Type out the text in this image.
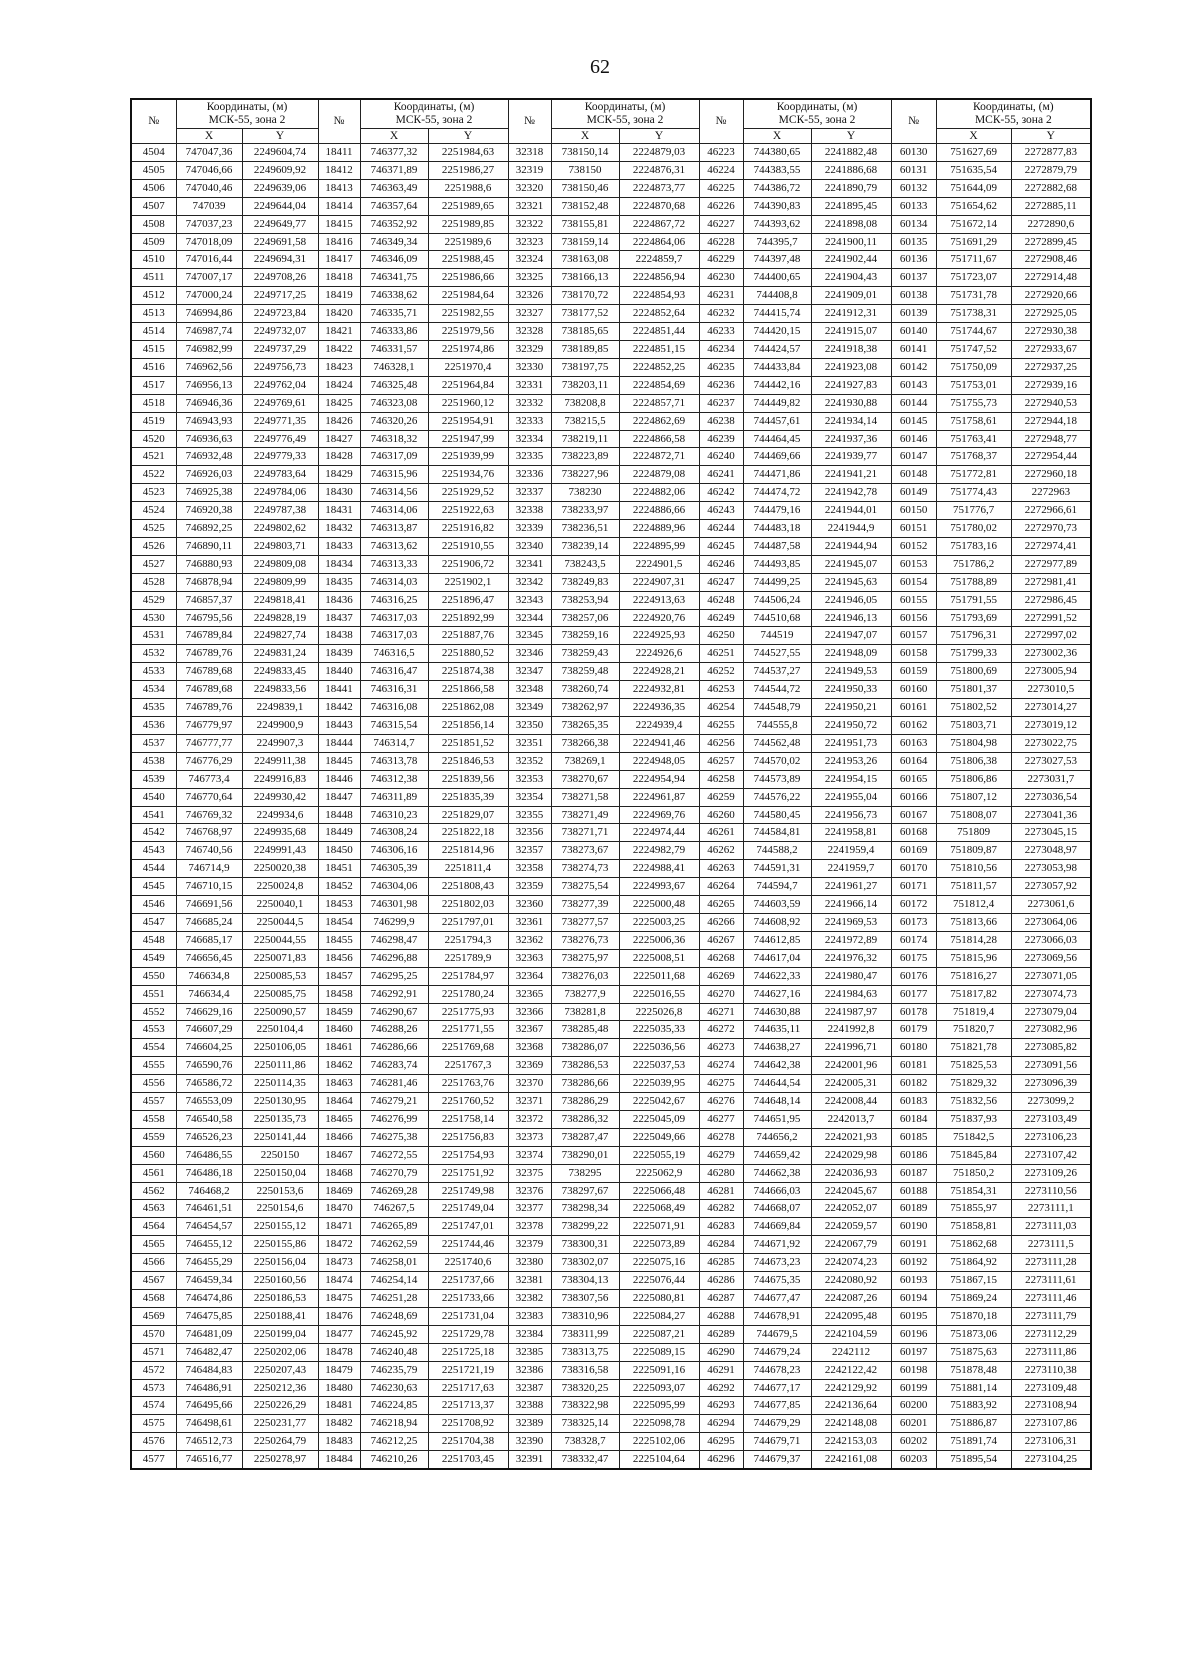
62
№	Координаты, (м)
МСК-55, зона 2		№	Координаты, (м)
МСК-55, зона 2		№	Координаты, (м)
МСК-55, зона 2		№	Координаты, (м)
МСК-55, зона 2		№	Координаты, (м)
МСК-55, зона 2	
	X	Y		X	Y		X	Y		X	Y		X	Y
4504	747047,36	2249604,74	18411	746377,32	2251984,63	32318	738150,14	2224879,03	46223	744380,65	2241882,48	60130	751627,69	2272877,83
4505	747046,66	2249609,92	18412	746371,89	2251986,27	32319	738150	2224876,31	46224	744383,55	2241886,68	60131	751635,54	2272879,79
4506	747040,46	2249639,06	18413	746363,49	2251988,6	32320	738150,46	2224873,77	46225	744386,72	2241890,79	60132	751644,09	2272882,68
4507	747039	2249644,04	18414	746357,64	2251989,65	32321	738152,48	2224870,68	46226	744390,83	2241895,45	60133	751654,62	2272885,11
4508	747037,23	2249649,77	18415	746352,92	2251989,85	32322	738155,81	2224867,72	46227	744393,62	2241898,08	60134	751672,14	2272890,6
4509	747018,09	2249691,58	18416	746349,34	2251989,6	32323	738159,14	2224864,06	46228	744395,7	2241900,11	60135	751691,29	2272899,45
4510	747016,44	2249694,31	18417	746346,09	2251988,45	32324	738163,08	2224859,7	46229	744397,48	2241902,44	60136	751711,67	2272908,46
4511	747007,17	2249708,26	18418	746341,75	2251986,66	32325	738166,13	2224856,94	46230	744400,65	2241904,43	60137	751723,07	2272914,48
4512	747000,24	2249717,25	18419	746338,62	2251984,64	32326	738170,72	2224854,93	46231	744408,8	2241909,01	60138	751731,78	2272920,66
4513	746994,86	2249723,84	18420	746335,71	2251982,55	32327	738177,52	2224852,64	46232	744415,74	2241912,31	60139	751738,31	2272925,05
4514	746987,74	2249732,07	18421	746333,86	2251979,56	32328	738185,65	2224851,44	46233	744420,15	2241915,07	60140	751744,67	2272930,38
4515	746982,99	2249737,29	18422	746331,57	2251974,86	32329	738189,85	2224851,15	46234	744424,57	2241918,38	60141	751747,52	2272933,67
4516	746962,56	2249756,73	18423	746328,1	2251970,4	32330	738197,75	2224852,25	46235	744433,84	2241923,08	60142	751750,09	2272937,25
4517	746956,13	2249762,04	18424	746325,48	2251964,84	32331	738203,11	2224854,69	46236	744442,16	2241927,83	60143	751753,01	2272939,16
4518	746946,36	2249769,61	18425	746323,08	2251960,12	32332	738208,8	2224857,71	46237	744449,82	2241930,88	60144	751755,73	2272940,53
4519	746943,93	2249771,35	18426	746320,26	2251954,91	32333	738215,5	2224862,69	46238	744457,61	2241934,14	60145	751758,61	2272944,18
4520	746936,63	2249776,49	18427	746318,32	2251947,99	32334	738219,11	2224866,58	46239	744464,45	2241937,36	60146	751763,41	2272948,77
4521	746932,48	2249779,33	18428	746317,09	2251939,99	32335	738223,89	2224872,71	46240	744469,66	2241939,77	60147	751768,37	2272954,44
4522	746926,03	2249783,64	18429	746315,96	2251934,76	32336	738227,96	2224879,08	46241	744471,86	2241941,21	60148	751772,81	2272960,18
4523	746925,38	2249784,06	18430	746314,56	2251929,52	32337	738230	2224882,06	46242	744474,72	2241942,78	60149	751774,43	2272963
4524	746920,38	2249787,38	18431	746314,06	2251922,63	32338	738233,97	2224886,66	46243	744479,16	2241944,01	60150	751776,7	2272966,61
4525	746892,25	2249802,62	18432	746313,87	2251916,82	32339	738236,51	2224889,96	46244	744483,18	2241944,9	60151	751780,02	2272970,73
4526	746890,11	2249803,71	18433	746313,62	2251910,55	32340	738239,14	2224895,99	46245	744487,58	2241944,94	60152	751783,16	2272974,41
4527	746880,93	2249809,08	18434	746313,33	2251906,72	32341	738243,5	2224901,5	46246	744493,85	2241945,07	60153	751786,2	2272977,89
4528	746878,94	2249809,99	18435	746314,03	2251902,1	32342	738249,83	2224907,31	46247	744499,25	2241945,63	60154	751788,89	2272981,41
4529	746857,37	2249818,41	18436	746316,25	2251896,47	32343	738253,94	2224913,63	46248	744506,24	2241946,05	60155	751791,55	2272986,45
4530	746795,56	2249828,19	18437	746317,03	2251892,99	32344	738257,06	2224920,76	46249	744510,68	2241946,13	60156	751793,69	2272991,52
4531	746789,84	2249827,74	18438	746317,03	2251887,76	32345	738259,16	2224925,93	46250	744519	2241947,07	60157	751796,31	2272997,02
4532	746789,76	2249831,24	18439	746316,5	2251880,52	32346	738259,43	2224926,6	46251	744527,55	2241948,09	60158	751799,33	2273002,36
4533	746789,68	2249833,45	18440	746316,47	2251874,38	32347	738259,48	2224928,21	46252	744537,27	2241949,53	60159	751800,69	2273005,94
4534	746789,68	2249833,56	18441	746316,31	2251866,58	32348	738260,74	2224932,81	46253	744544,72	2241950,33	60160	751801,37	2273010,5
4535	746789,76	2249839,1	18442	746316,08	2251862,08	32349	738262,97	2224936,35	46254	744548,79	2241950,21	60161	751802,52	2273014,27
4536	746779,97	2249900,9	18443	746315,54	2251856,14	32350	738265,35	2224939,4	46255	744555,8	2241950,72	60162	751803,71	2273019,12
4537	746777,77	2249907,3	18444	746314,7	2251851,52	32351	738266,38	2224941,46	46256	744562,48	2241951,73	60163	751804,98	2273022,75
4538	746776,29	2249911,38	18445	746313,78	2251846,53	32352	738269,1	2224948,05	46257	744570,02	2241953,26	60164	751806,38	2273027,53
4539	746773,4	2249916,83	18446	746312,38	2251839,56	32353	738270,67	2224954,94	46258	744573,89	2241954,15	60165	751806,86	2273031,7
4540	746770,64	2249930,42	18447	746311,89	2251835,39	32354	738271,58	2224961,87	46259	744576,22	2241955,04	60166	751807,12	2273036,54
4541	746769,32	2249934,6	18448	746310,23	2251829,07	32355	738271,49	2224969,76	46260	744580,45	2241956,73	60167	751808,07	2273041,36
4542	746768,97	2249935,68	18449	746308,24	2251822,18	32356	738271,71	2224974,44	46261	744584,81	2241958,81	60168	751809	2273045,15
4543	746740,56	2249991,43	18450	746306,16	2251814,96	32357	738273,67	2224982,79	46262	744588,2	2241959,4	60169	751809,87	2273048,97
4544	746714,9	2250020,38	18451	746305,39	2251811,4	32358	738274,73	2224988,41	46263	744591,31	2241959,7	60170	751810,56	2273053,98
4545	746710,15	2250024,8	18452	746304,06	2251808,43	32359	738275,54	2224993,67	46264	744594,7	2241961,27	60171	751811,57	2273057,92
4546	746691,56	2250040,1	18453	746301,98	2251802,03	32360	738277,39	2225000,48	46265	744603,59	2241966,14	60172	751812,4	2273061,6
4547	746685,24	2250044,5	18454	746299,9	2251797,01	32361	738277,57	2225003,25	46266	744608,92	2241969,53	60173	751813,66	2273064,06
4548	746685,17	2250044,55	18455	746298,47	2251794,3	32362	738276,73	2225006,36	46267	744612,85	2241972,89	60174	751814,28	2273066,03
4549	746656,45	2250071,83	18456	746296,88	2251789,9	32363	738275,97	2225008,51	46268	744617,04	2241976,32	60175	751815,96	2273069,56
4550	746634,8	2250085,53	18457	746295,25	2251784,97	32364	738276,03	2225011,68	46269	744622,33	2241980,47	60176	751816,27	2273071,05
4551	746634,4	2250085,75	18458	746292,91	2251780,24	32365	738277,9	2225016,55	46270	744627,16	2241984,63	60177	751817,82	2273074,73
4552	746629,16	2250090,57	18459	746290,67	2251775,93	32366	738281,8	2225026,8	46271	744630,88	2241987,97	60178	751819,4	2273079,04
4553	746607,29	2250104,4	18460	746288,26	2251771,55	32367	738285,48	2225035,33	46272	744635,11	2241992,8	60179	751820,7	2273082,96
4554	746604,25	2250106,05	18461	746286,66	2251769,68	32368	738286,07	2225036,56	46273	744638,27	2241996,71	60180	751821,78	2273085,82
4555	746590,76	2250111,86	18462	746283,74	2251767,3	32369	738286,53	2225037,53	46274	744642,38	2242001,96	60181	751825,53	2273091,56
4556	746586,72	2250114,35	18463	746281,46	2251763,76	32370	738286,66	2225039,95	46275	744644,54	2242005,31	60182	751829,32	2273096,39
4557	746553,09	2250130,95	18464	746279,21	2251760,52	32371	738286,29	2225042,67	46276	744648,14	2242008,44	60183	751832,56	2273099,2
4558	746540,58	2250135,73	18465	746276,99	2251758,14	32372	738286,32	2225045,09	46277	744651,95	2242013,7	60184	751837,93	2273103,49
4559	746526,23	2250141,44	18466	746275,38	2251756,83	32373	738287,47	2225049,66	46278	744656,2	2242021,93	60185	751842,5	2273106,23
4560	746486,55	2250150	18467	746272,55	2251754,93	32374	738290,01	2225055,19	46279	744659,42	2242029,98	60186	751845,84	2273107,42
4561	746486,18	2250150,04	18468	746270,79	2251751,92	32375	738295	2225062,9	46280	744662,38	2242036,93	60187	751850,2	2273109,26
4562	746468,2	2250153,6	18469	746269,28	2251749,98	32376	738297,67	2225066,48	46281	744666,03	2242045,67	60188	751854,31	2273110,56
4563	746461,51	2250154,6	18470	746267,5	2251749,04	32377	738298,34	2225068,49	46282	744668,07	2242052,07	60189	751855,97	2273111,1
4564	746454,57	2250155,12	18471	746265,89	2251747,01	32378	738299,22	2225071,91	46283	744669,84	2242059,57	60190	751858,81	2273111,03
4565	746455,12	2250155,86	18472	746262,59	2251744,46	32379	738300,31	2225073,89	46284	744671,92	2242067,79	60191	751862,68	2273111,5
4566	746455,29	2250156,04	18473	746258,01	2251740,6	32380	738302,07	2225075,16	46285	744673,23	2242074,23	60192	751864,92	2273111,28
4567	746459,34	2250160,56	18474	746254,14	2251737,66	32381	738304,13	2225076,44	46286	744675,35	2242080,92	60193	751867,15	2273111,61
4568	746474,86	2250186,53	18475	746251,28	2251733,66	32382	738307,56	2225080,81	46287	744677,47	2242087,26	60194	751869,24	2273111,46
4569	746475,85	2250188,41	18476	746248,69	2251731,04	32383	738310,96	2225084,27	46288	744678,91	2242095,48	60195	751870,18	2273111,79
4570	746481,09	2250199,04	18477	746245,92	2251729,78	32384	738311,99	2225087,21	46289	744679,5	2242104,59	60196	751873,06	2273112,29
4571	746482,47	2250202,06	18478	746240,48	2251725,18	32385	738313,75	2225089,15	46290	744679,24	2242112	60197	751875,63	2273111,86
4572	746484,83	2250207,43	18479	746235,79	2251721,19	32386	738316,58	2225091,16	46291	744678,23	2242122,42	60198	751878,48	2273110,38
4573	746486,91	2250212,36	18480	746230,63	2251717,63	32387	738320,25	2225093,07	46292	744677,17	2242129,92	60199	751881,14	2273109,48
4574	746495,66	2250226,29	18481	746224,85	2251713,37	32388	738322,98	2225095,99	46293	744677,85	2242136,64	60200	751883,92	2273108,94
4575	746498,61	2250231,77	18482	746218,94	2251708,92	32389	738325,14	2225098,78	46294	744679,29	2242148,08	60201	751886,87	2273107,86
4576	746512,73	2250264,79	18483	746212,25	2251704,38	32390	738328,7	2225102,06	46295	744679,71	2242153,03	60202	751891,74	2273106,31
4577	746516,77	2250278,97	18484	746210,26	2251703,45	32391	738332,47	2225104,64	46296	744679,37	2242161,08	60203	751895,54	2273104,25
